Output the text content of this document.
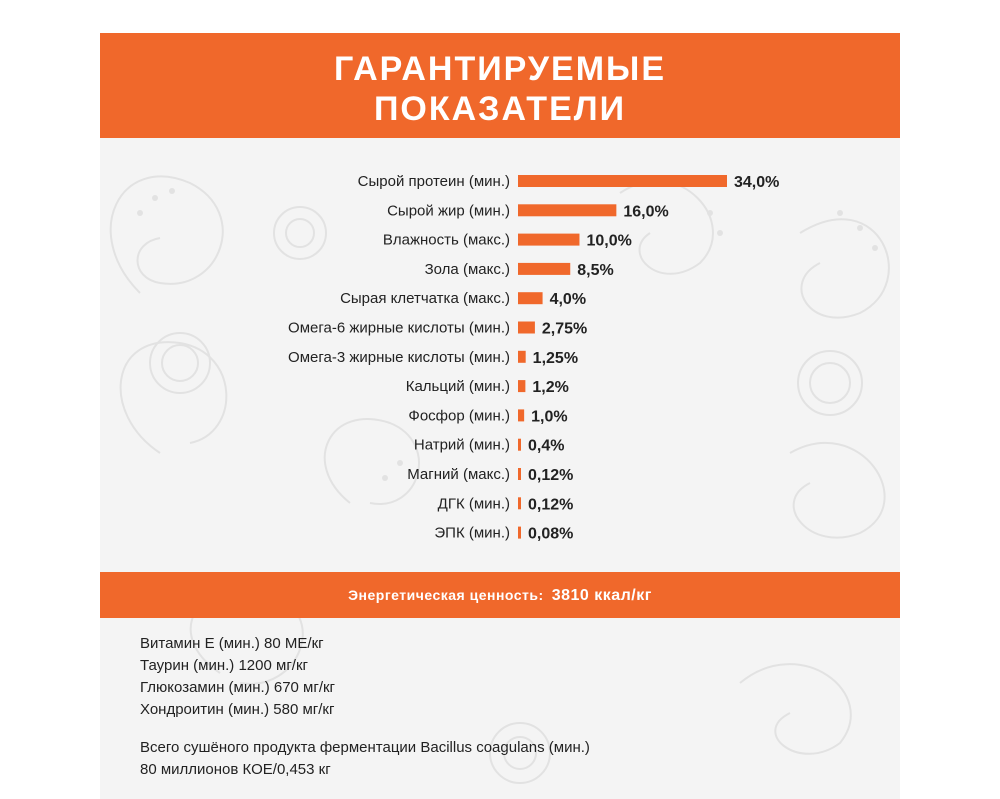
ГАРАНТИРУЕМЫЕ
ПОКАЗАТЕЛИ
Сырой протеин (мин.)	34,0%
Сырой жир (мин.)	16,0%
Влажность (макс.)	10,0%
Зола (макс.)	8,5%
Сырая клетчатка (макс.) 4,0%
Омега-6 жирные кислоты (мин.) 2,75%
Омега-3 жирные кислоты (мин.) 1,25%
Кальций (мин.) 1,2%
Фосфор (мин.) 1,0%
Натрий (мин.) 0,4%
Магний (макс.) 0,12%
ДГК (мин.) 0,12%
ЭПК (мин.) 0,08%
Энергетическая ценность: 3810 ккал/кг
Витамин Е (мин.) 80 МЕ/кг
Таурин (мин.) 1200 мг/кг
Глюкозамин (мин.) 670 мг/кг
Хондроитин (мин.) 580 мг/кг
Всего сушёного продукта ферментации Bacillus coagulans (мин.)
80 миллионов КОЕ/0,453 кг
